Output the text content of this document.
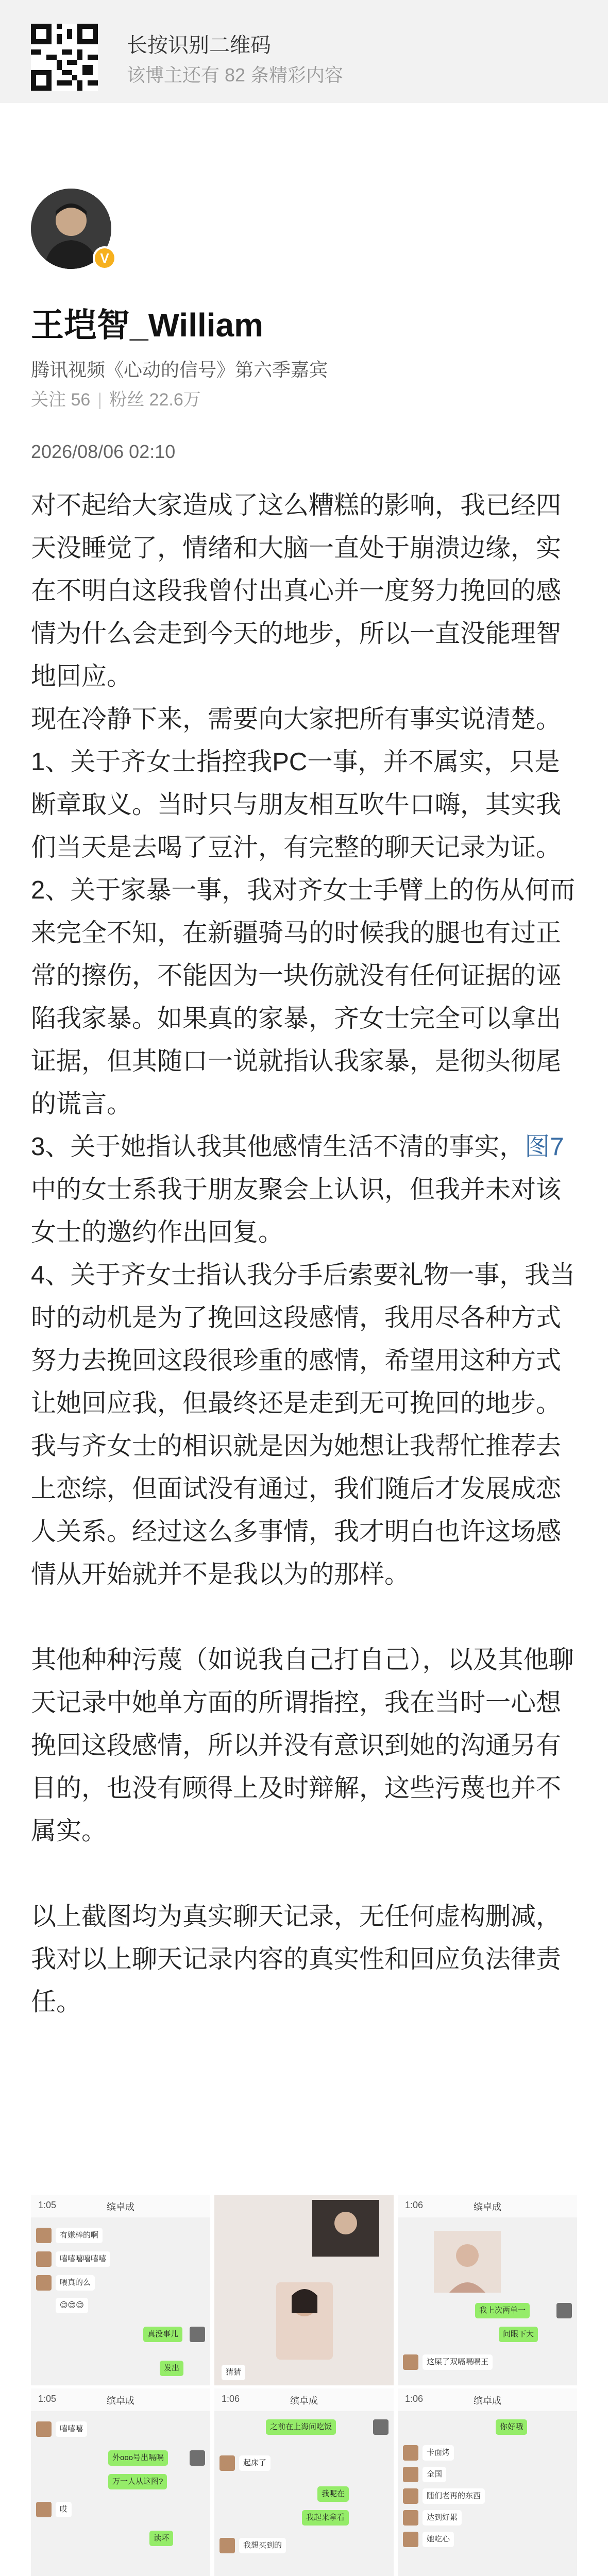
长按识别二维码
该博主还有 82 条精彩内容
V
王垲智_William
腾讯视频《心动的信号》第六季嘉宾
关注 56 | 粉丝 22.6万
2026/08/06 02:10

对不起给大家造成了这么糟糕的影响，我已经四天没睡觉了，情绪和大脑一直处于崩溃边缘，实在不明白这段我曾付出真心并一度努力挽回的感情为什么会走到今天的地步，所以一直没能理智地回应。

现在冷静下来，需要向大家把所有事实说清楚。

1、关于齐女士指控我PC一事，并不属实，只是断章取义。当时只与朋友相互吹牛口嗨，其实我们当天是去喝了豆汁，有完整的聊天记录为证。

2、关于家暴一事，我对齐女士手臂上的伤从何而来完全不知，在新疆骑马的时候我的腿也有过正常的擦伤，不能因为一块伤就没有任何证据的诬陷我家暴。如果真的家暴，齐女士完全可以拿出证据，但其随口一说就指认我家暴，是彻头彻尾的谎言。

3、关于她指认我其他感情生活不清的事实，图7中的女士系我于朋友聚会上认识，但我并未对该女士的邀约作出回复。

4、关于齐女士指认我分手后索要礼物一事，我当时的动机是为了挽回这段感情，我用尽各种方式努力去挽回这段很珍重的感情，希望用这种方式让她回应我，但最终还是走到无可挽回的地步。

我与齐女士的相识就是因为她想让我帮忙推荐去上恋综，但面试没有通过，我们随后才发展成恋人关系。经过这么多事情，我才明白也许这场感情从开始就并不是我以为的那样。

其他种种污蔑（如说我自己打自己），以及其他聊天记录中她单方面的所谓指控，我在当时一心想挽回这段感情，所以并没有意识到她的沟通另有目的，也没有顾得上及时辩解，这些污蔑也并不属实。

以上截图均为真实聊天记录，无任何虚构删减，我对以上聊天记录内容的真实性和回应负法律责任。

1:05	缤卓成
有嫌棒的啊
嘻嘻嘻嘻嘻嘻
喂真的么
😊😊😊
真没事儿
发出	猜猜
1:06	缤卓成
我上次两单一
问眼下大
这屎了双嗝嗝嗝王
1:05	缤卓成
嘻嘻嘻
外ooo号出嗝嗝
万一人从这图?
哎
读坏
1:06	缤卓成
之前在上海问吃饭
起床了
我呢在
我起来拿看
我想买到的
1:06	缤卓成
你好哦
卡面烤
全国
随们老再的东西
达到好累
她吃心
